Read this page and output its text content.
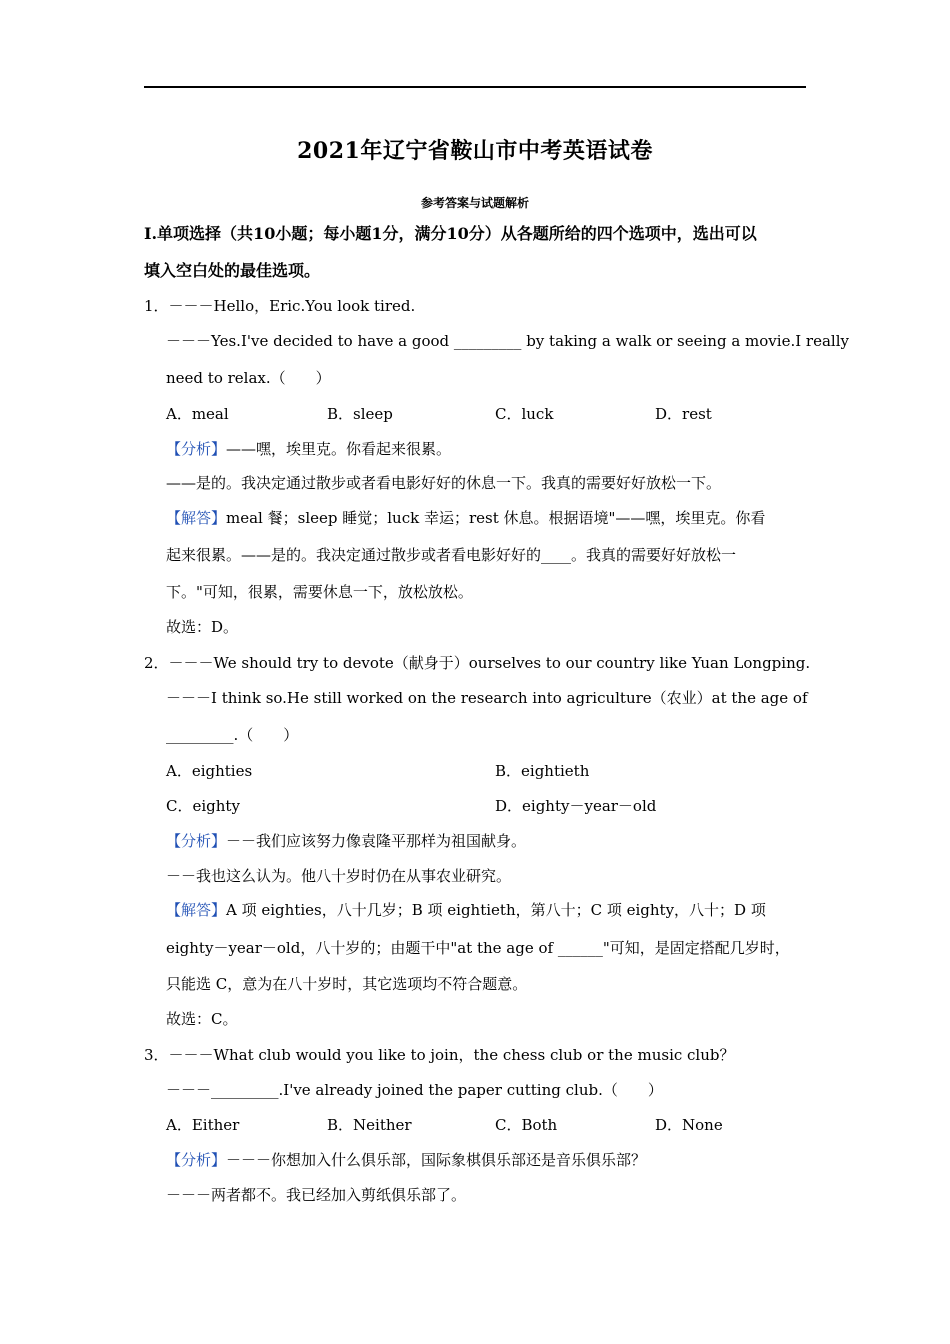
2021年辽宁省鞍山市中考英语试卷
参考答案与试题解析
Ⅰ.单项选择（共10小题；每小题1分，满分10分）从各题所给的四个选项中，选出可以
填入空白处的最佳选项。
1．－－－Hello，Eric.You look tired.
－－－Yes.I've decided to have a good _________ by taking a walk or seeing a movie.I really
need to relax.（　　）
A．meal	B．sleep	C．luck	D．rest
【分析】——嘿，埃里克。你看起来很累。
——是的。我决定通过散步或者看电影好好的休息一下。我真的需要好好放松一下。
【解答】meal 餐；sleep 睡觉；luck 幸运；rest 休息。根据语境"——嘿，埃里克。你看
起来很累。——是的。我决定通过散步或者看电影好好的____。我真的需要好好放松一
下。"可知，很累，需要休息一下，放松放松。
故选：D。
2．－－－We should try to devote（献身于）ourselves to our country like Yuan Longping.
－－－I think so.He still worked on the research into agriculture（农业）at the age of
_________.（　　）
A．eighties	B．eightieth
C．eighty	D．eighty－year－old
【分析】－－我们应该努力像袁隆平那样为祖国献身。
－－我也这么认为。他八十岁时仍在从事农业研究。
【解答】A 项 eighties，八十几岁；B 项 eightieth，第八十；C 项 eighty，八十；D 项
eighty－year－old，八十岁的；由题干中"at the age of ______"可知，是固定搭配几岁时，
只能选 C，意为在八十岁时，其它选项均不符合题意。
故选：C。
3．－－－What club would you like to join，the chess club or the music club？
－－－_________.I've already joined the paper cutting club.（　　）
A．Either	B．Neither	C．Both	D．None
【分析】－－－你想加入什么俱乐部，国际象棋俱乐部还是音乐俱乐部？
－－－两者都不。我已经加入剪纸俱乐部了。
